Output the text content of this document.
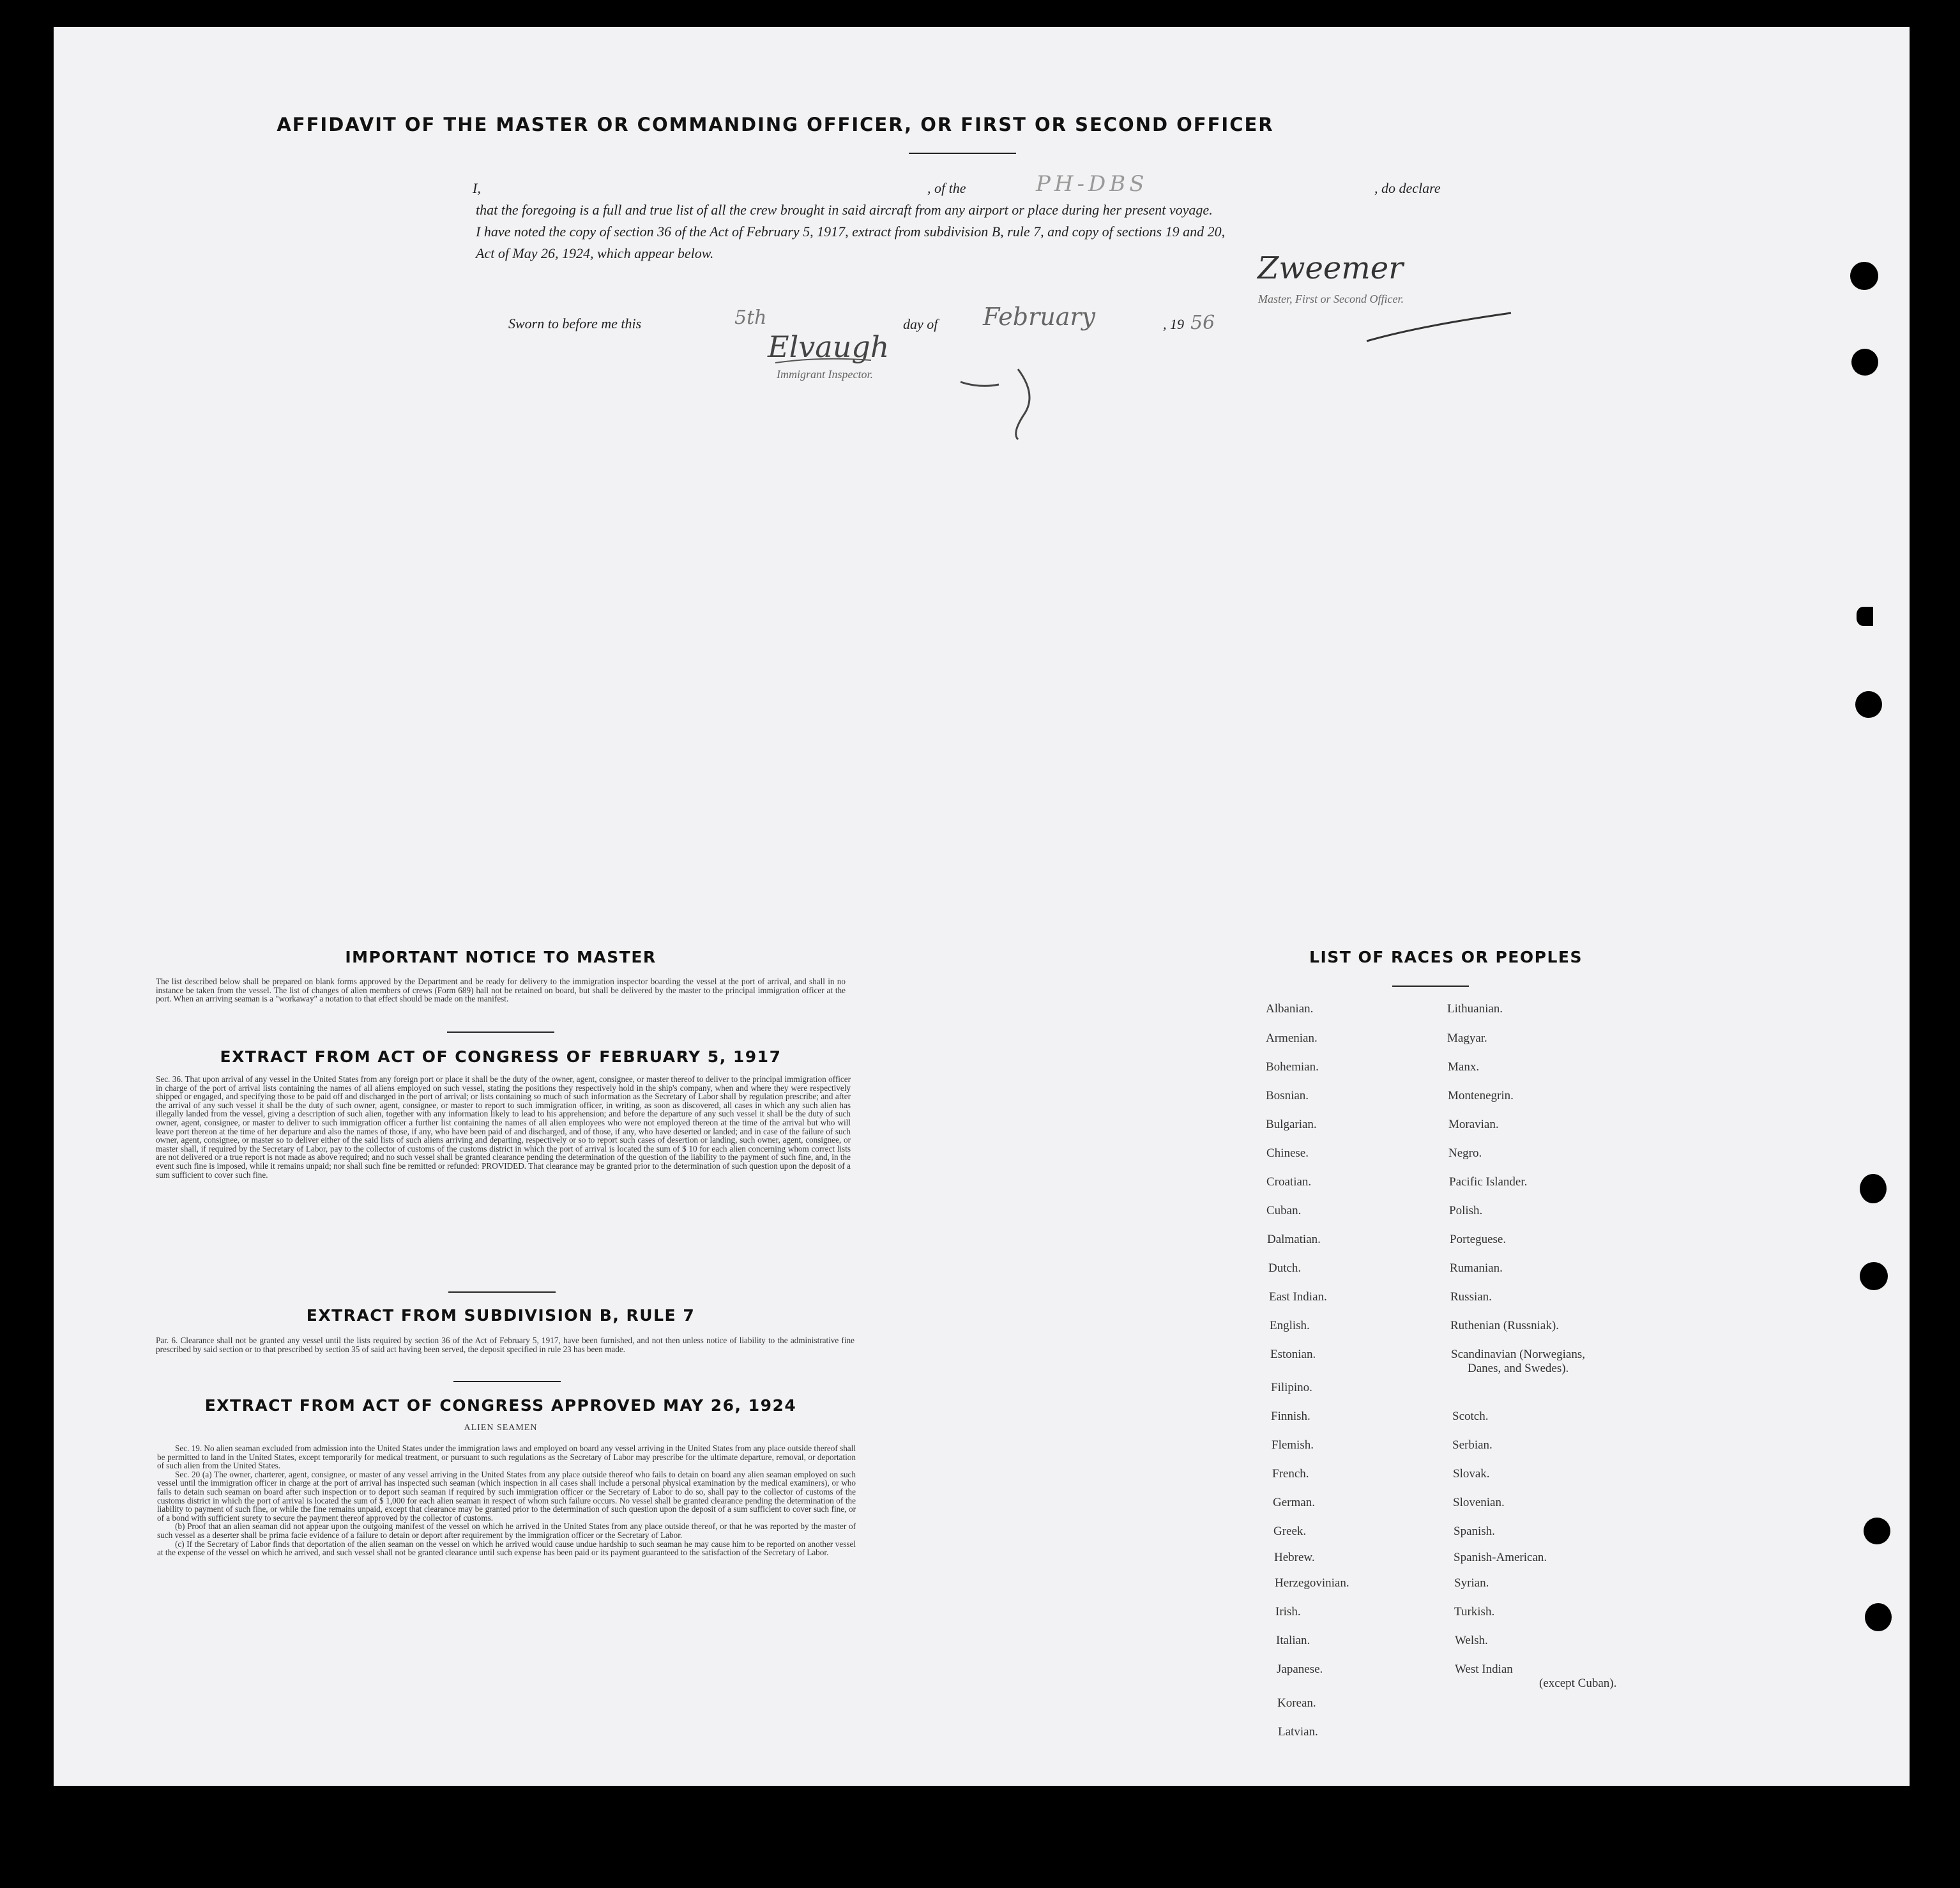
AFFIDAVIT OF THE MASTER OR COMMANDING OFFICER, OR FIRST OR SECOND OFFICER
I,	, of the	PH-DBS	, do declare
that the foregoing is a full and true list of all the crew brought in said aircraft from any airport or place during her present voyage.
I have noted the copy of section 36 of the Act of February 5, 1917, extract from subdivision B, rule 7, and copy of sections 19 and 20,
Act of May 26, 1924, which appear below.	Zweemer
Master, First or Second Officer.
Sworn to before me this	5th	day of February	, 19 56
Elvaugh
Immigrant Inspector.
IMPORTANT NOTICE TO MASTER
The list described below shall be prepared on blank forms approved by the Department and be ready for delivery to the immigration inspector boarding the vessel at the port of arrival, and shall in no instance be taken from the vessel. The list of changes of alien members of crews (Form 689) hall not be retained on board, but shall be delivered by the master to the principal immigration officer at the port. When an arriving seaman is a "workaway" a notation to that effect should be made on the manifest.
EXTRACT FROM ACT OF CONGRESS OF FEBRUARY 5, 1917
Sec. 36. That upon arrival of any vessel in the United States from any foreign port or place it shall be the duty of the owner, agent, consignee, or master thereof to deliver to the principal immigration officer in charge of the port of arrival lists containing the names of all aliens employed on such vessel, stating the positions they respectively hold in the ship's company, when and where they were respectively shipped or engaged, and specifying those to be paid off and discharged in the port of arrival; or lists containing so much of such information as the Secretary of Labor shall by regulation prescribe; and after the arrival of any such vessel it shall be the duty of such owner, agent, consignee, or master to report to such immigration officer, in writing, as soon as discovered, all cases in which any such alien has illegally landed from the vessel, giving a description of such alien, together with any information likely to lead to his apprehension; and before the departure of any such vessel it shall be the duty of such owner, agent, consignee, or master to deliver to such immigration officer a further list containing the names of all alien employees who were not employed thereon at the time of the arrival but who will leave port thereon at the time of her departure and also the names of those, if any, who have been paid of and discharged, and of those, if any, who have deserted or landed; and in case of the failure of such owner, agent, consignee, or master so to deliver either of the said lists of such aliens arriving and departing, respectively or so to report such cases of desertion or landing, such owner, agent, consignee, or master shall, if required by the Secretary of Labor, pay to the collector of customs of the customs district in which the port of arrival is located the sum of $ 10 for each alien concerning whom correct lists are not delivered or a true report is not made as above required; and no such vessel shall be granted clearance pending the determination of the question of the liability to the payment of such fine, and, in the event such fine is imposed, while it remains unpaid; nor shall such fine be remitted or refunded: PROVIDED. That clearance may be granted prior to the determination of such question upon the deposit of a sum sufficient to cover such fine.
EXTRACT FROM SUBDIVISION B, RULE 7
Par. 6. Clearance shall not be granted any vessel until the lists required by section 36 of the Act of February 5, 1917, have been furnished, and not then unless notice of liability to the administrative fine prescribed by said section or to that prescribed by section 35 of said act having been served, the deposit specified in rule 23 has been made.
EXTRACT FROM ACT OF CONGRESS APPROVED MAY 26, 1924
ALIEN SEAMEN
Sec. 19. No alien seaman excluded from admission into the United States under the immigration laws and employed on board any vessel arriving in the United States from any place outside thereof shall be permitted to land in the United States, except temporarily for medical treatment, or pursuant to such regulations as the Secretary of Labor may prescribe for the ultimate departure, removal, or deportation of such alien from the United States.
Sec. 20 (a) The owner, charterer, agent, consignee, or master of any vessel arriving in the United States from any place outside thereof who fails to detain on board any alien seaman employed on such vessel until the immigration officer in charge at the port of arrival has inspected such seaman (which inspection in all cases shall include a personal physical examination by the medical examiners), or who fails to detain such seaman on board after such inspection or to deport such seaman if required by such immigration officer or the Secretary of Labor to do so, shall pay to the collector of customs of the customs district in which the port of arrival is located the sum of $ 1,000 for each alien seaman in respect of whom such failure occurs. No vessel shall be granted clearance pending the determination of the liability to payment of such fine, or while the fine remains unpaid, except that clearance may be granted prior to the determination of such question upon the deposit of a sum sufficient to cover such fine, or of a bond with sufficient surety to secure the payment thereof approved by the collector of customs.
(b) Proof that an alien seaman did not appear upon the outgoing manifest of the vessel on which he arrived in the United States from any place outside thereof, or that he was reported by the master of such vessel as a deserter shall be prima facie evidence of a failure to detain or deport after requirement by the immigration officer or the Secretary of Labor.
(c) If the Secretary of Labor finds that deportation of the alien seaman on the vessel on which he arrived would cause undue hardship to such seaman he may cause him to be reported on another vessel at the expense of the vessel on which he arrived, and such vessel shall not be granted clearance until such expense has been paid or its payment guaranteed to the satisfaction of the Secretary of Labor.
LIST OF RACES OR PEOPLES
Albanian.
Armenian.
Bohemian.
Bosnian.
Bulgarian.
Chinese.
Croatian.
Cuban.
Dalmatian.
Dutch.
East Indian.
English.
Estonian.
Filipino.
Finnish.
Flemish.
French.
German.
Greek.
Hebrew.
Herzegovinian.
Irish.
Italian.
Japanese.
Korean.
Latvian.
Lithuanian.
Magyar.
Manx.
Montenegrin.
Moravian.
Negro.
Pacific Islander.
Polish.
Porteguese.
Rumanian.
Russian.
Ruthenian (Russniak).
Scandinavian (Norwegians,
Danes, and Swedes).
Scotch.
Serbian.
Slovak.
Slovenian.
Spanish.
Spanish-American.
Syrian.
Turkish.
Welsh.
West Indian
(except Cuban).
